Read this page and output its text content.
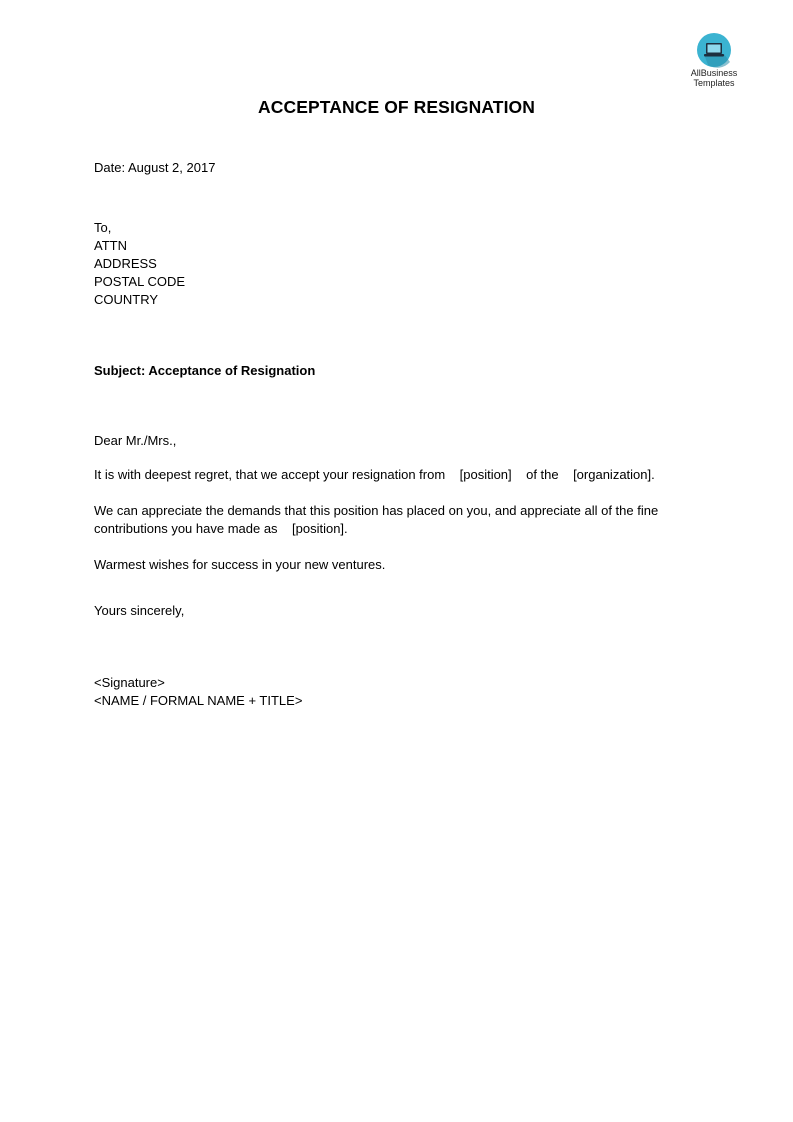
AllBusiness
Templates
ACCEPTANCE OF RESIGNATION
Date: August 2, 2017
To,
ATTN
ADDRESS
POSTAL CODE
COUNTRY
Subject: Acceptance of Resignation
Dear Mr./Mrs.,
It is with deepest regret, that we accept your resignation from    [position]    of the    [organization].
We can appreciate the demands that this position has placed on you, and appreciate all of the fine
contributions you have made as    [position].
Warmest wishes for success in your new ventures.
Yours sincerely,
<Signature>
<NAME / FORMAL NAME + TITLE>
